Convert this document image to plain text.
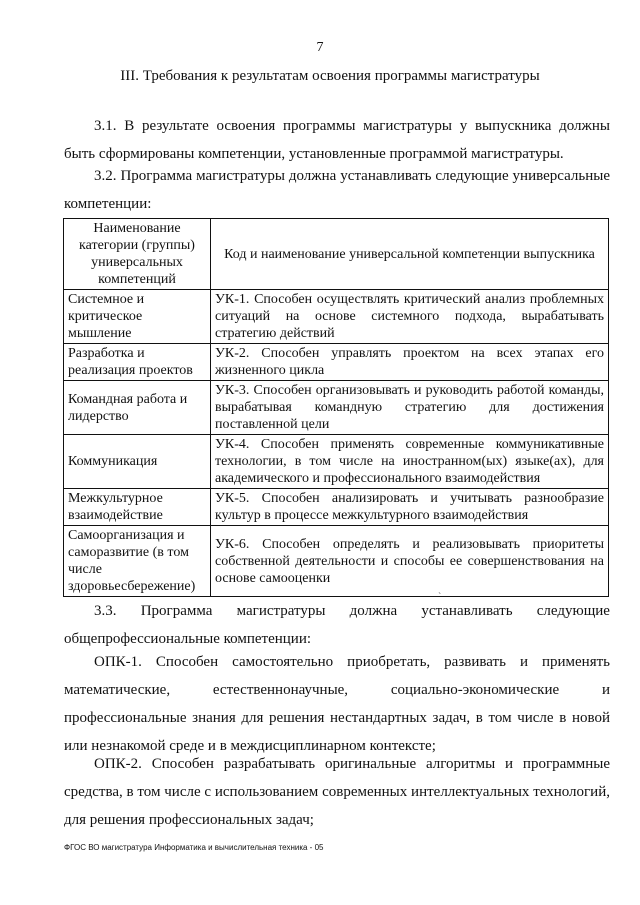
7
III. Требования к результатам освоения программы магистратуры
3.1. В результате освоения программы магистратуры у выпускника должны быть сформированы компетенции, установленные программой магистратуры.
3.2. Программа магистратуры должна устанавливать следующие универсальные компетенции:
Наименование категории (группы) универсальных компетенций	Код и наименование универсальной компетенции выпускника
Системное и критическое мышление	УК-1. Способен осуществлять критический анализ проблемных ситуаций на основе системного подхода, вырабатывать стратегию действий
Разработка и реализация проектов	УК-2. Способен управлять проектом на всех этапах его жизненного цикла
Командная работа и лидерство	УК-3. Способен организовывать и руководить работой команды, вырабатывая командную стратегию для достижения поставленной цели
Коммуникация	УК-4. Способен применять современные коммуникативные технологии, в том числе на иностранном(ых) языке(ах), для академического и профессионального взаимодействия
Межкультурное взаимодействие	УК-5. Способен анализировать и учитывать разнообразие культур в процессе межкультурного взаимодействия
Самоорганизация и саморазвитие (в том числе здоровьесбережение)	УК-6. Способен определять и реализовывать приоритеты собственной деятельности и способы ее совершенствования на основе самооценки
ˋ
3.3. Программа магистратуры должна устанавливать следующие
общепрофессиональные компетенции:
ОПК-1. Способен самостоятельно приобретать, развивать и применять математические, естественнонаучные, социально-экономические и профессиональные знания для решения нестандартных задач, в том числе в новой или незнакомой среде и в междисциплинарном контексте;
ОПК-2. Способен разрабатывать оригинальные алгоритмы и программные средства, в том числе с использованием современных интеллектуальных технологий, для решения профессиональных задач;
ФГОС ВО магистратура Информатика и вычислительная техника - 05
